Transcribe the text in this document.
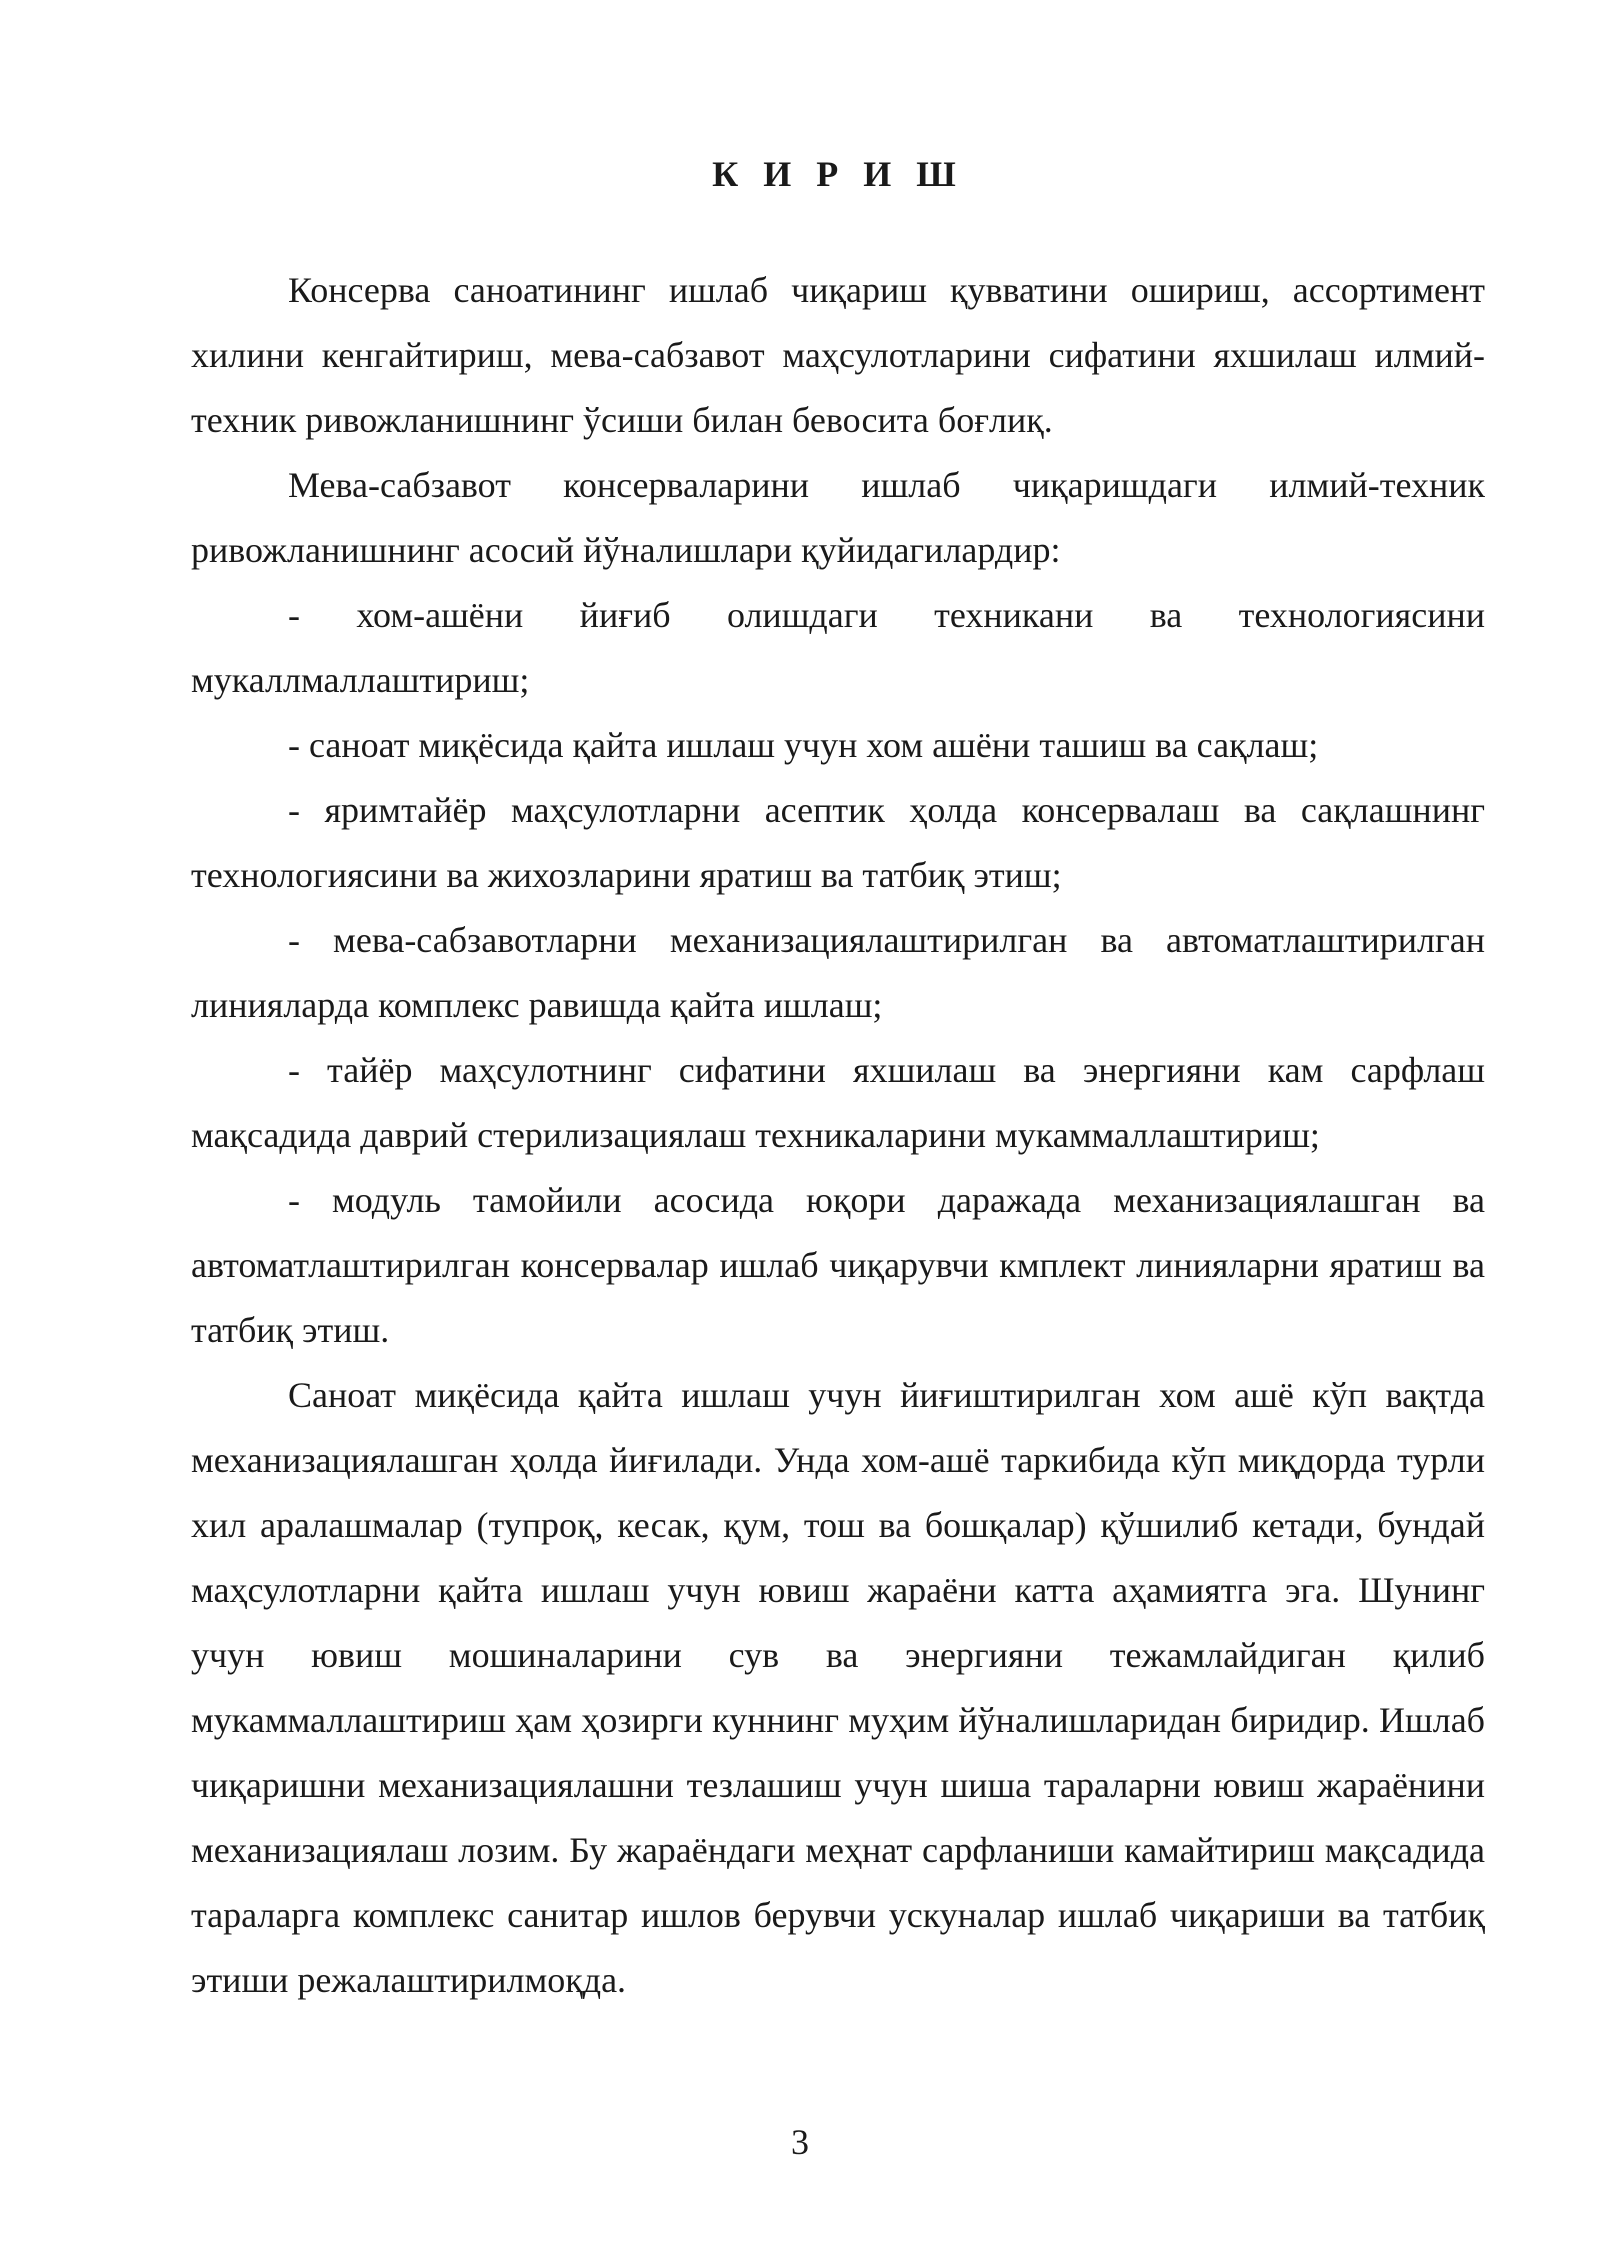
К И Р И Ш

Консерва саноатининг ишлаб чиқариш қувватини ошириш, ассортимент хилини кенгайтириш, мева-сабзавот маҳсулотларини сифатини яхшилаш илмий-техник ривожланишнинг ўсиши билан бевосита боғлиқ.

Мева-сабзавот консерваларини ишлаб чиқаришдаги илмий-техник ривожланишнинг асосий йўналишлари қуйидагилардир:

- хом-ашёни йиғиб олишдаги техникани ва технологиясини мукаллмаллаштириш;

- саноат миқёсида қайта ишлаш учун хом ашёни ташиш ва сақлаш;

- яримтайёр маҳсулотларни асептик ҳолда консервалаш ва сақлашнинг технологиясини ва жихозларини яратиш ва татбиқ этиш;

- мева-сабзавотларни механизациялаштирилган ва автоматлаштирилган линияларда комплекс равишда қайта ишлаш;

- тайёр маҳсулотнинг сифатини яхшилаш ва энергияни кам сарфлаш мақсадида даврий стерилизациялаш техникаларини мукаммаллаштириш;

- модуль тамойили асосида юқори даражада механизациялашган ва автоматлаштирилган консервалар ишлаб чиқарувчи кмплект линияларни яратиш ва татбиқ этиш.

Саноат миқёсида қайта ишлаш учун йиғиштирилган хом ашё кўп вақтда механизациялашган ҳолда йиғилади. Унда хом-ашё таркибида кўп миқдорда турли хил аралашмалар (тупроқ, кесак, қум, тош ва бошқалар) қўшилиб кетади, бундай маҳсулотларни қайта ишлаш учун ювиш жараёни катта аҳамиятга эга. Шунинг учун ювиш мошиналарини сув ва энергияни тежамлайдиган қилиб мукаммаллаштириш ҳам ҳозирги куннинг муҳим йўналишларидан биридир. Ишлаб чиқаришни механизациялашни тезлашиш учун шиша тараларни ювиш жараёнини механизациялаш лозим. Бу жараёндаги меҳнат сарфланиши камайтириш мақсадида тараларга комплекс санитар ишлов берувчи ускуналар ишлаб чиқариши ва татбиқ этиши режалаштирилмоқда.

3
